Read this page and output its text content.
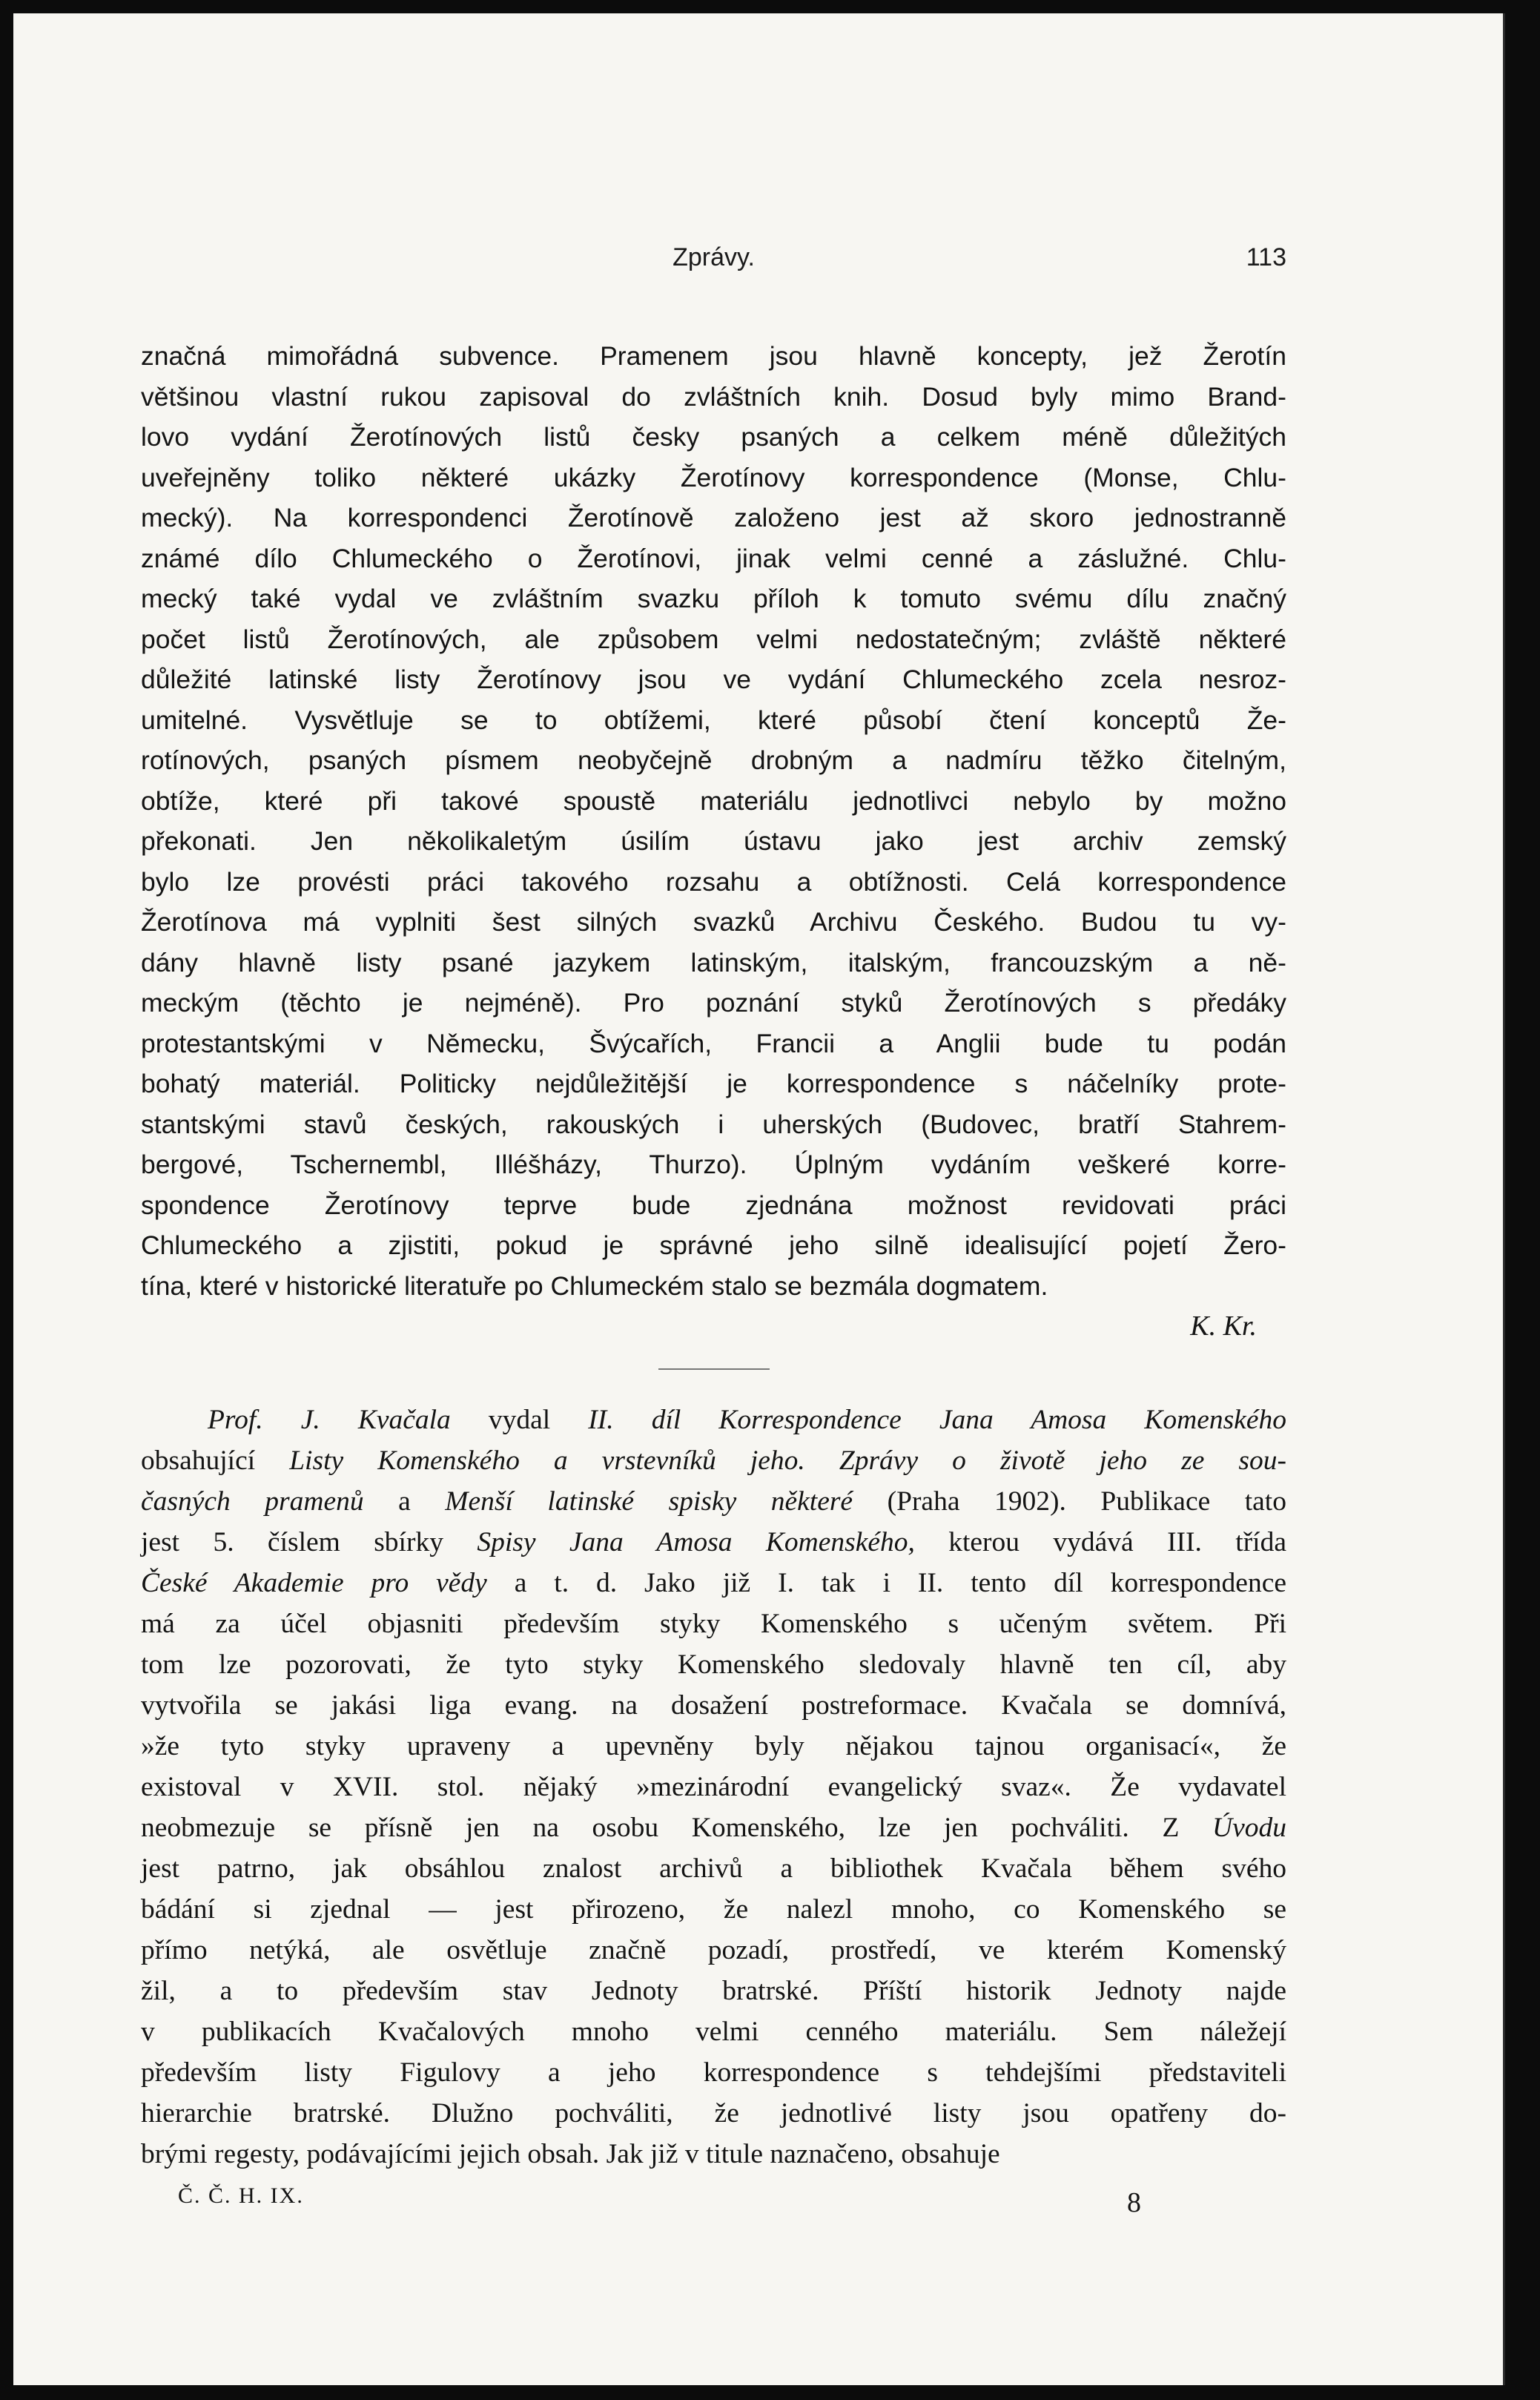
Zprávy.	113
značná mimořádná subvence. Pramenem jsou hlavně koncepty, jež Žerotín
většinou vlastní rukou zapisoval do zvláštních knih. Dosud byly mimo Brand-
lovo vydání Žerotínových listů česky psaných a celkem méně důležitých
uveřejněny toliko některé ukázky Žerotínovy korrespondence (Monse, Chlu-
mecký). Na korrespondenci Žerotínově založeno jest až skoro jednostranně
známé dílo Chlumeckého o Žerotínovi, jinak velmi cenné a záslužné. Chlu-
mecký také vydal ve zvláštním svazku příloh k tomuto svému dílu značný
počet listů Žerotínových, ale způsobem velmi nedostatečným; zvláště některé
důležité latinské listy Žerotínovy jsou ve vydání Chlumeckého zcela nesroz-
umitelné. Vysvětluje se to obtížemi, které působí čtení konceptů Že-
rotínových, psaných písmem neobyčejně drobným a nadmíru těžko čitelným,
obtíže, které při takové spoustě materiálu jednotlivci nebylo by možno
překonati. Jen několikaletým úsilím ústavu jako jest archiv zemský
bylo lze provésti práci takového rozsahu a obtížnosti. Celá korrespondence
Žerotínova má vyplniti šest silných svazků Archivu Českého. Budou tu vy-
dány hlavně listy psané jazykem latinským, italským, francouzským a ně-
meckým (těchto je nejméně). Pro poznání styků Žerotínových s předáky
protestantskými v Německu, Švýcařích, Francii a Anglii bude tu podán
bohatý materiál. Politicky nejdůležitější je korrespondence s náčelníky prote-
stantskými stavů českých, rakouských i uherských (Budovec, bratří Stahrem-
bergové, Tschernembl, Illéšházy, Thurzo). Úplným vydáním veškeré korre-
spondence Žerotínovy teprve bude zjednána možnost revidovati práci
Chlumeckého a zjistiti, pokud je správné jeho silně idealisující pojetí Žero-
tína, které v historické literatuře po Chlumeckém stalo se bezmála dogmatem.
K. Kr.
Prof. J. Kvačala vydal II. díl Korrespondence Jana Amosa Komenského
obsahující Listy Komenského a vrstevníků jeho. Zprávy o životě jeho ze sou-
časných pramenů a Menší latinské spisky některé (Praha 1902). Publikace tato
jest 5. číslem sbírky Spisy Jana Amosa Komenského, kterou vydává III. třída
České Akademie pro vědy a t. d. Jako již I. tak i II. tento díl korrespondence
má za účel objasniti především styky Komenského s učeným světem. Při
tom lze pozorovati, že tyto styky Komenského sledovaly hlavně ten cíl, aby
vytvořila se jakási liga evang. na dosažení postreformace. Kvačala se domnívá,
»že tyto styky upraveny a upevněny byly nějakou tajnou organisací«, že
existoval v XVII. stol. nějaký »mezinárodní evangelický svaz«. Že vydavatel
neobmezuje se přísně jen na osobu Komenského, lze jen pochváliti. Z Úvodu
jest patrno, jak obsáhlou znalost archivů a bibliothek Kvačala během svého
bádání si zjednal — jest přirozeno, že nalezl mnoho, co Komenského se
přímo netýká, ale osvětluje značně pozadí, prostředí, ve kterém Komenský
žil, a to především stav Jednoty bratrské. Příští historik Jednoty najde
v publikacích Kvačalových mnoho velmi cenného materiálu. Sem náležejí
především listy Figulovy a jeho korrespondence s tehdejšími představiteli
hierarchie bratrské. Dlužno pochváliti, že jednotlivé listy jsou opatřeny do-
brými regesty, podávajícími jejich obsah. Jak již v titule naznačeno, obsahuje
Č. Č. H. IX.	8
